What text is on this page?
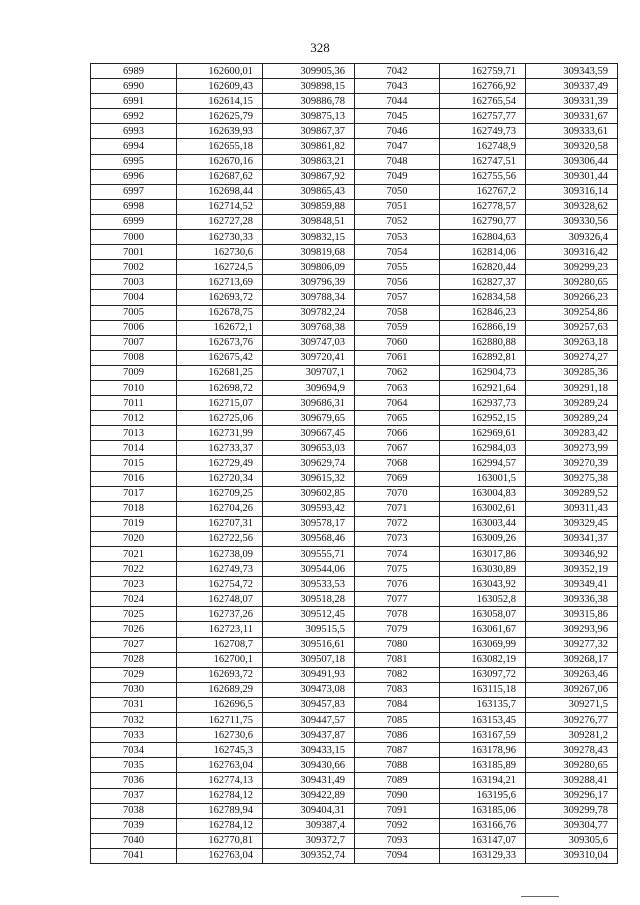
328
6989	162600,01	309905,36	7042	162759,71	309343,59
6990	162609,43	309898,15	7043	162766,92	309337,49
6991	162614,15	309886,78	7044	162765,54	309331,39
6992	162625,79	309875,13	7045	162757,77	309331,67
6993	162639,93	309867,37	7046	162749,73	309333,61
6994	162655,18	309861,82	7047	162748,9	309320,58
6995	162670,16	309863,21	7048	162747,51	309306,44
6996	162687,62	309867,92	7049	162755,56	309301,44
6997	162698,44	309865,43	7050	162767,2	309316,14
6998	162714,52	309859,88	7051	162778,57	309328,62
6999	162727,28	309848,51	7052	162790,77	309330,56
7000	162730,33	309832,15	7053	162804,63	309326,4
7001	162730,6	309819,68	7054	162814,06	309316,42
7002	162724,5	309806,09	7055	162820,44	309299,23
7003	162713,69	309796,39	7056	162827,37	309280,65
7004	162693,72	309788,34	7057	162834,58	309266,23
7005	162678,75	309782,24	7058	162846,23	309254,86
7006	162672,1	309768,38	7059	162866,19	309257,63
7007	162673,76	309747,03	7060	162880,88	309263,18
7008	162675,42	309720,41	7061	162892,81	309274,27
7009	162681,25	309707,1	7062	162904,73	309285,36
7010	162698,72	309694,9	7063	162921,64	309291,18
7011	162715,07	309686,31	7064	162937,73	309289,24
7012	162725,06	309679,65	7065	162952,15	309289,24
7013	162731,99	309667,45	7066	162969,61	309283,42
7014	162733,37	309653,03	7067	162984,03	309273,99
7015	162729,49	309629,74	7068	162994,57	309270,39
7016	162720,34	309615,32	7069	163001,5	309275,38
7017	162709,25	309602,85	7070	163004,83	309289,52
7018	162704,26	309593,42	7071	163002,61	309311,43
7019	162707,31	309578,17	7072	163003,44	309329,45
7020	162722,56	309568,46	7073	163009,26	309341,37
7021	162738,09	309555,71	7074	163017,86	309346,92
7022	162749,73	309544,06	7075	163030,89	309352,19
7023	162754,72	309533,53	7076	163043,92	309349,41
7024	162748,07	309518,28	7077	163052,8	309336,38
7025	162737,26	309512,45	7078	163058,07	309315,86
7026	162723,11	309515,5	7079	163061,67	309293,96
7027	162708,7	309516,61	7080	163069,99	309277,32
7028	162700,1	309507,18	7081	163082,19	309268,17
7029	162693,72	309491,93	7082	163097,72	309263,46
7030	162689,29	309473,08	7083	163115,18	309267,06
7031	162696,5	309457,83	7084	163135,7	309271,5
7032	162711,75	309447,57	7085	163153,45	309276,77
7033	162730,6	309437,87	7086	163167,59	309281,2
7034	162745,3	309433,15	7087	163178,96	309278,43
7035	162763,04	309430,66	7088	163185,89	309280,65
7036	162774,13	309431,49	7089	163194,21	309288,41
7037	162784,12	309422,89	7090	163195,6	309296,17
7038	162789,94	309404,31	7091	163185,06	309299,78
7039	162784,12	309387,4	7092	163166,76	309304,77
7040	162770,81	309372,7	7093	163147,07	309305,6
7041	162763,04	309352,74	7094	163129,33	309310,04
